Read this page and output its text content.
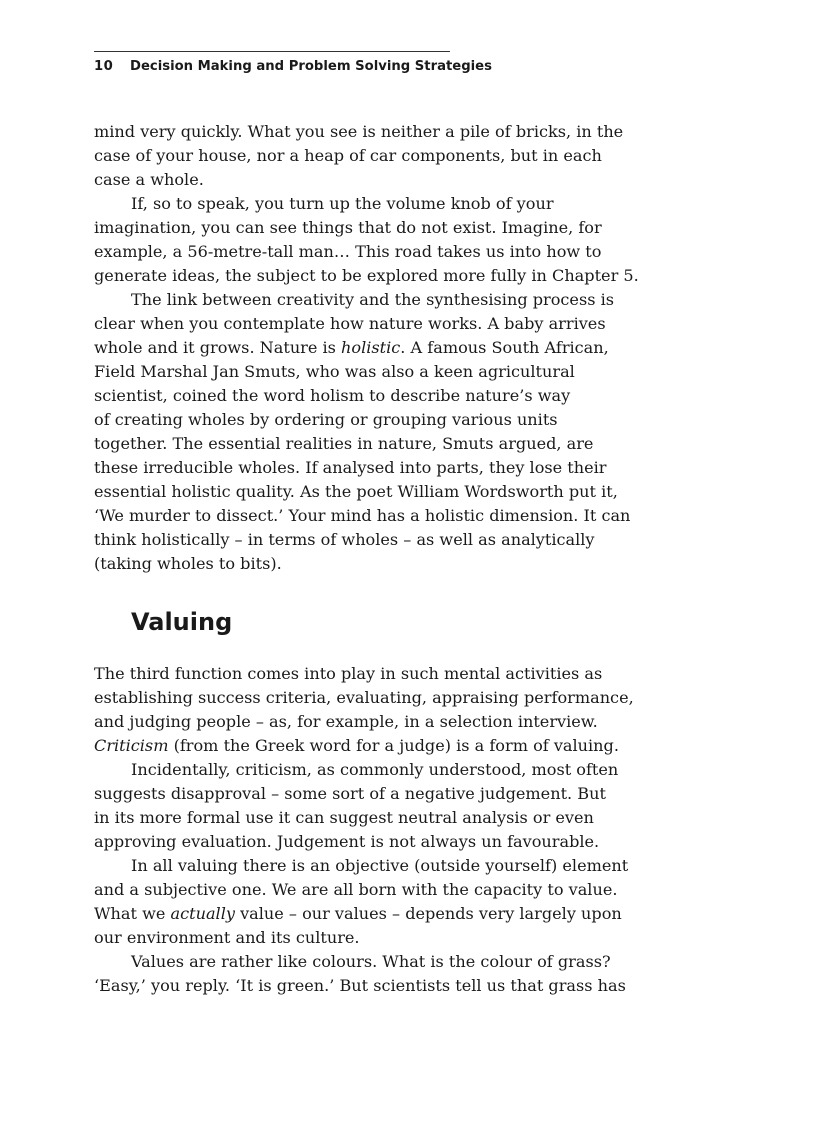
10 Decision Making and Problem Solving Strategies
mind very quickly. What you see is neither a pile of bricks, in the
case of your house, nor a heap of car components, but in each
case a whole.
If, so to speak, you turn up the volume knob of your
imagination, you can see things that do not exist. Imagine, for
example, a 56-metre-tall man… This road takes us into how to
generate ideas, the subject to be explored more fully in Chapter 5.
The link between creativity and the synthesising process is
clear when you contemplate how nature works. A baby arrives
whole and it grows. Nature is holistic. A famous South African,
Field Marshal Jan Smuts, who was also a keen agricultural
scientist, coined the word holism to describe nature’s way
of creating wholes by ordering or grouping various units
together. The essential realities in nature, Smuts argued, are
these irreducible wholes. If analysed into parts, they lose their
essential holistic quality. As the poet William Wordsworth put it,
‘We murder to dissect.’ Your mind has a holistic dimension. It can
think holistically – in terms of wholes – as well as analytically
(taking wholes to bits).
Valuing
The third function comes into play in such mental activities as
establishing success criteria, evaluating, appraising performance,
and judging people – as, for example, in a selection interview.
Criticism (from the Greek word for a judge) is a form of valuing.
Incidentally, criticism, as commonly understood, most often
suggests disapproval – some sort of a negative judgement. But
in its more formal use it can suggest neutral analysis or even
approving evaluation. Judgement is not always un favourable.
In all valuing there is an objective (outside yourself) element
and a subjective one. We are all born with the capacity to value.
What we actually value – our values – depends very largely upon
our environment and its culture.
Values are rather like colours. What is the colour of grass?
‘Easy,’ you reply. ‘It is green.’ But scientists tell us that grass has
